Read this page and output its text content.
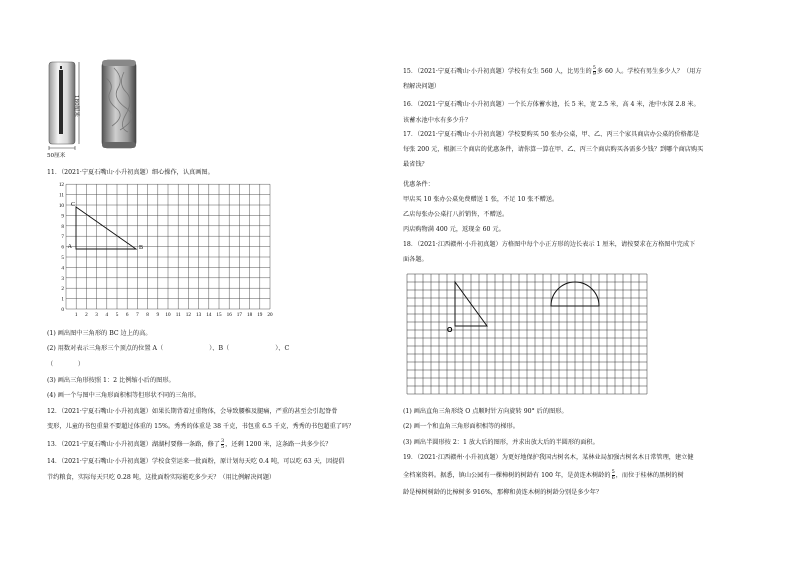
180厘米
50厘米
11．（2021·宁夏石嘴山·小升初真题）细心操作，认真画图。
A	B
C
0
1
2
3
4
5
6
7
8
9
10
11
12
1 2 3 4 5 6 7 8 9 10 11 12 13 14 15 16 17 18 19 20
(1) 画出图中三角形的 BC 边上的高。
(2) 用数对表示三角形三个顶点的位置 A（	）、B（	）、C
（　　　　）
(3) 画出三角形按照 1：2 比例缩小后的图形。
(4) 画一个与图中三角形面积相等但形状不同的三角形。
12．（2021·宁夏石嘴山·小升初真题）如果长期背着过重物体，会导致腰椎及腿痛，严重的甚至会引起脊骨
变形，儿童的书包重量不要超过体重的 15%。秀秀的体重是 38 千克，书包重 6.5 千克，秀秀的书包超重了吗？
13．（2021·宁夏石嘴山·小升初真题）湖湖村要修一条路，修了 $\frac{3}{5}$ ，还剩 1200 米，这条路一共多少长？
14．（2021·宁夏石嘴山·小升初真题）学校食堂运来一批面粉，原计划每天吃 0.4 吨，可以吃 63 天，因提倡
节约粮食，实际每天只吃 0.28 吨，这批面粉实际能吃多少天？（用比例解决问题）
15．（2021·宁夏石嘴山·小升初真题）学校有女生 560 人，比男生的 $\frac{5}{9}$ 多 60 人。学校有男生多少人？（用方
程解决问题）
16．（2021·宁夏石嘴山·小升初真题）一个长方体蓄水池，长 5 米，宽 2.5 米，高 4 米，池中水深 2.8 米。
该蓄水池中水有多少升？
17．（2021·宁夏石嘴山·小升初真题）学校要购买 50 张办公桌，甲、乙、丙三个家具商店办公桌的价格都是
每张 200 元，根据三个商店的优惠条件，请你算一算在甲、乙、丙三个商店购买各需多少钱？到哪个商店购买
最省钱？
优惠条件：
甲店买 10 张办公桌免费赠送 1 张，不足 10 张不赠送。
乙店每张办公桌打八折销售，不赠送。
丙店购物满 400 元，返现金 60 元。
18．（2021·江西赣州·小升初真题）方格图中每个小正方形的边长表示 1 厘米，请按要求在方格图中完成下
面各题。
O
(1) 画出直角三角形绕 O 点顺时针方向旋转 90° 后的图形。
(2) 画一个和直角三角形面积相等的梯形。
(3) 画出半圆形按 2：1 放大后的图形，并求出放大后的半圆形的面积。
19．（2021·江西赣州·小升初真题）为更好地保护我国古树名木，某林业局加强古树名木日常管理，建立健
全档案资料。据悉，镇山公园有一棵樟树的树龄有 100 年，是黄连木树龄的 $\frac{5}{6}$ ，而位于桂林的黑树的树
龄是樟树树龄的比樟树多 916%，那柳和黄连木树的树龄分别是多少年？
